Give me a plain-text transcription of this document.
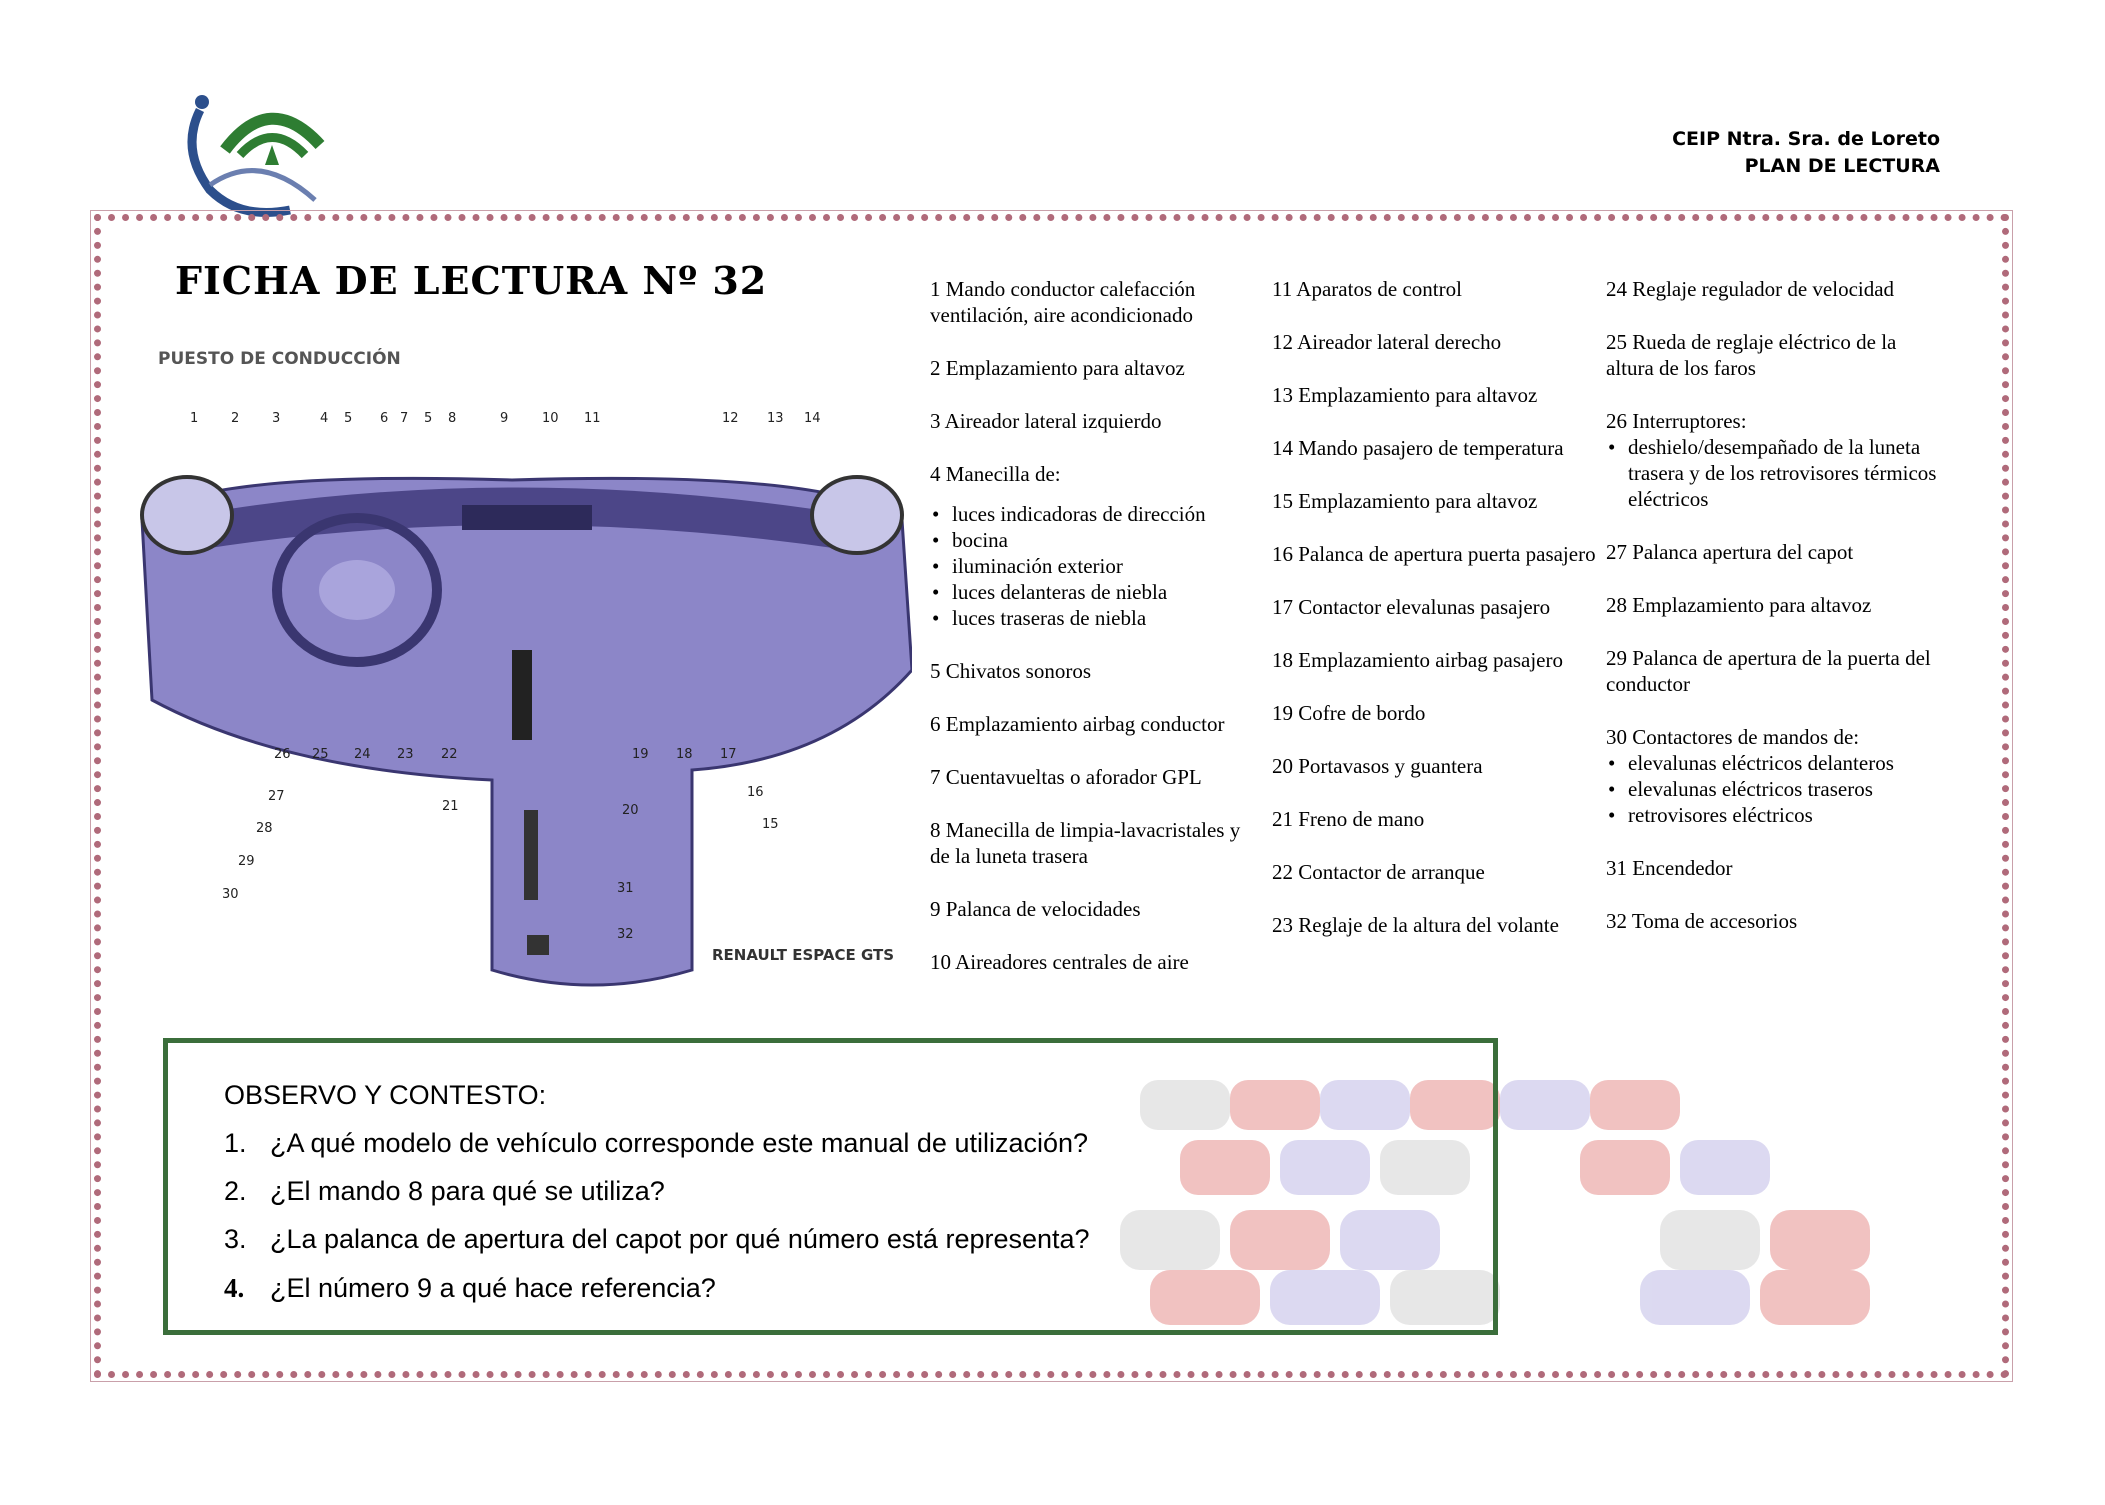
CEIP Ntra. Sra. de Loreto
PLAN DE LECTURA
FICHA DE LECTURA Nº 32
PUESTO DE CONDUCCIÓN
RENAULT ESPACE GTS
1	2	3	4 5 6 7 5 8	9	10 11	12 13 14
26 25 24 23 22	19 18 17
27
28
29
30
16
15
20
21
31
32
1 Mando conductor calefacción ventilación, aire acondicionado
2 Emplazamiento para altavoz
3 Aireador lateral izquierdo
4 Manecilla de:
• luces indicadoras de dirección
• bocina
• iluminación exterior
• luces delanteras de niebla
• luces traseras de niebla
5 Chivatos sonoros
6 Emplazamiento airbag conductor
7 Cuentavueltas o aforador GPL
8 Manecilla de limpia-lavacristales y de la luneta trasera
9 Palanca de velocidades
10 Aireadores centrales de aire
11 Aparatos de control
12 Aireador lateral derecho
13 Emplazamiento para altavoz
14 Mando pasajero de temperatura
15 Emplazamiento para altavoz
16 Palanca de apertura puerta pasajero
17 Contactor elevalunas pasajero
18 Emplazamiento airbag pasajero
19 Cofre de bordo
20 Portavasos y guantera
21 Freno de mano
22 Contactor de arranque
23 Reglaje de la altura del volante
24 Reglaje regulador de velocidad
25 Rueda de reglaje eléctrico de la altura de los faros
26 Interruptores:
• deshielo/desempañado de la luneta trasera y de los retrovisores térmicos eléctricos
27 Palanca apertura del capot
28 Emplazamiento para altavoz
29 Palanca de apertura de la puerta del conductor
30 Contactores de mandos de:
• elevalunas eléctricos delanteros
• elevalunas eléctricos traseros
• retrovisores eléctricos
31 Encendedor
32 Toma de accesorios
OBSERVO Y CONTESTO:
1. ¿A qué modelo de vehículo corresponde este manual de utilización?
2. ¿El mando 8 para qué se utiliza?
3. ¿La palanca de apertura del capot por qué número está representa?
4. ¿El número 9 a qué hace referencia?
